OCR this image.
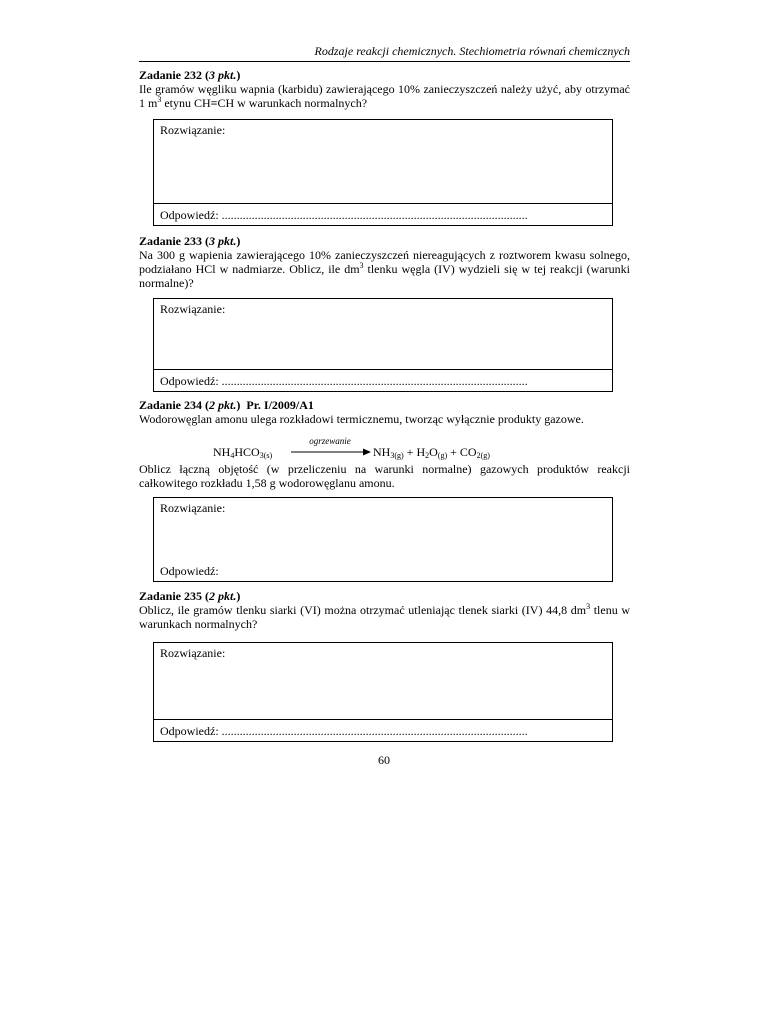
Rodzaje reakcji chemicznych. Stechiometria równań chemicznych
Zadanie 232 (3 pkt.)
Ile gramów węgliku wapnia (karbidu) zawierającego 10% zanieczyszczeń należy użyć, aby otrzymać 1 $m^3$ etynu CH≡CH w warunkach normalnych?
Rozwiązanie:
Odpowiedź: ......................................................................................................
Zadanie 233 (3 pkt.)
Na 300 g wapienia zawierającego 10% zanieczyszczeń niereagujących z roztworem kwasu solnego, podziałano HCl w nadmiarze. Oblicz, ile $dm^3$ tlenku węgla (IV) wydzieli się w tej reakcji (warunki normalne)?
Rozwiązanie:
Odpowiedź: ......................................................................................................
Zadanie 234 (2 pkt.) Pr. I/2009/A1
Wodorowęglan amonu ulega rozkładowi termicznemu, tworząc wyłącznie produkty gazowe.
$NH_4HCO_{3(s)}$
ogrzewanie
$NH_{3(g)} + H_2O_{(g)} + CO_{2(g)}$
Oblicz łączną objętość (w przeliczeniu na warunki normalne) gazowych produktów reakcji całkowitego rozkładu 1,58 g wodorowęglanu amonu.
Rozwiązanie:
Odpowiedź:
Zadanie 235 (2 pkt.)
Oblicz, ile gramów tlenku siarki (VI) można otrzymać utleniając tlenek siarki (IV) 44,8 $dm^3$ tlenu w warunkach normalnych?
Rozwiązanie:
Odpowiedź: ......................................................................................................
60
